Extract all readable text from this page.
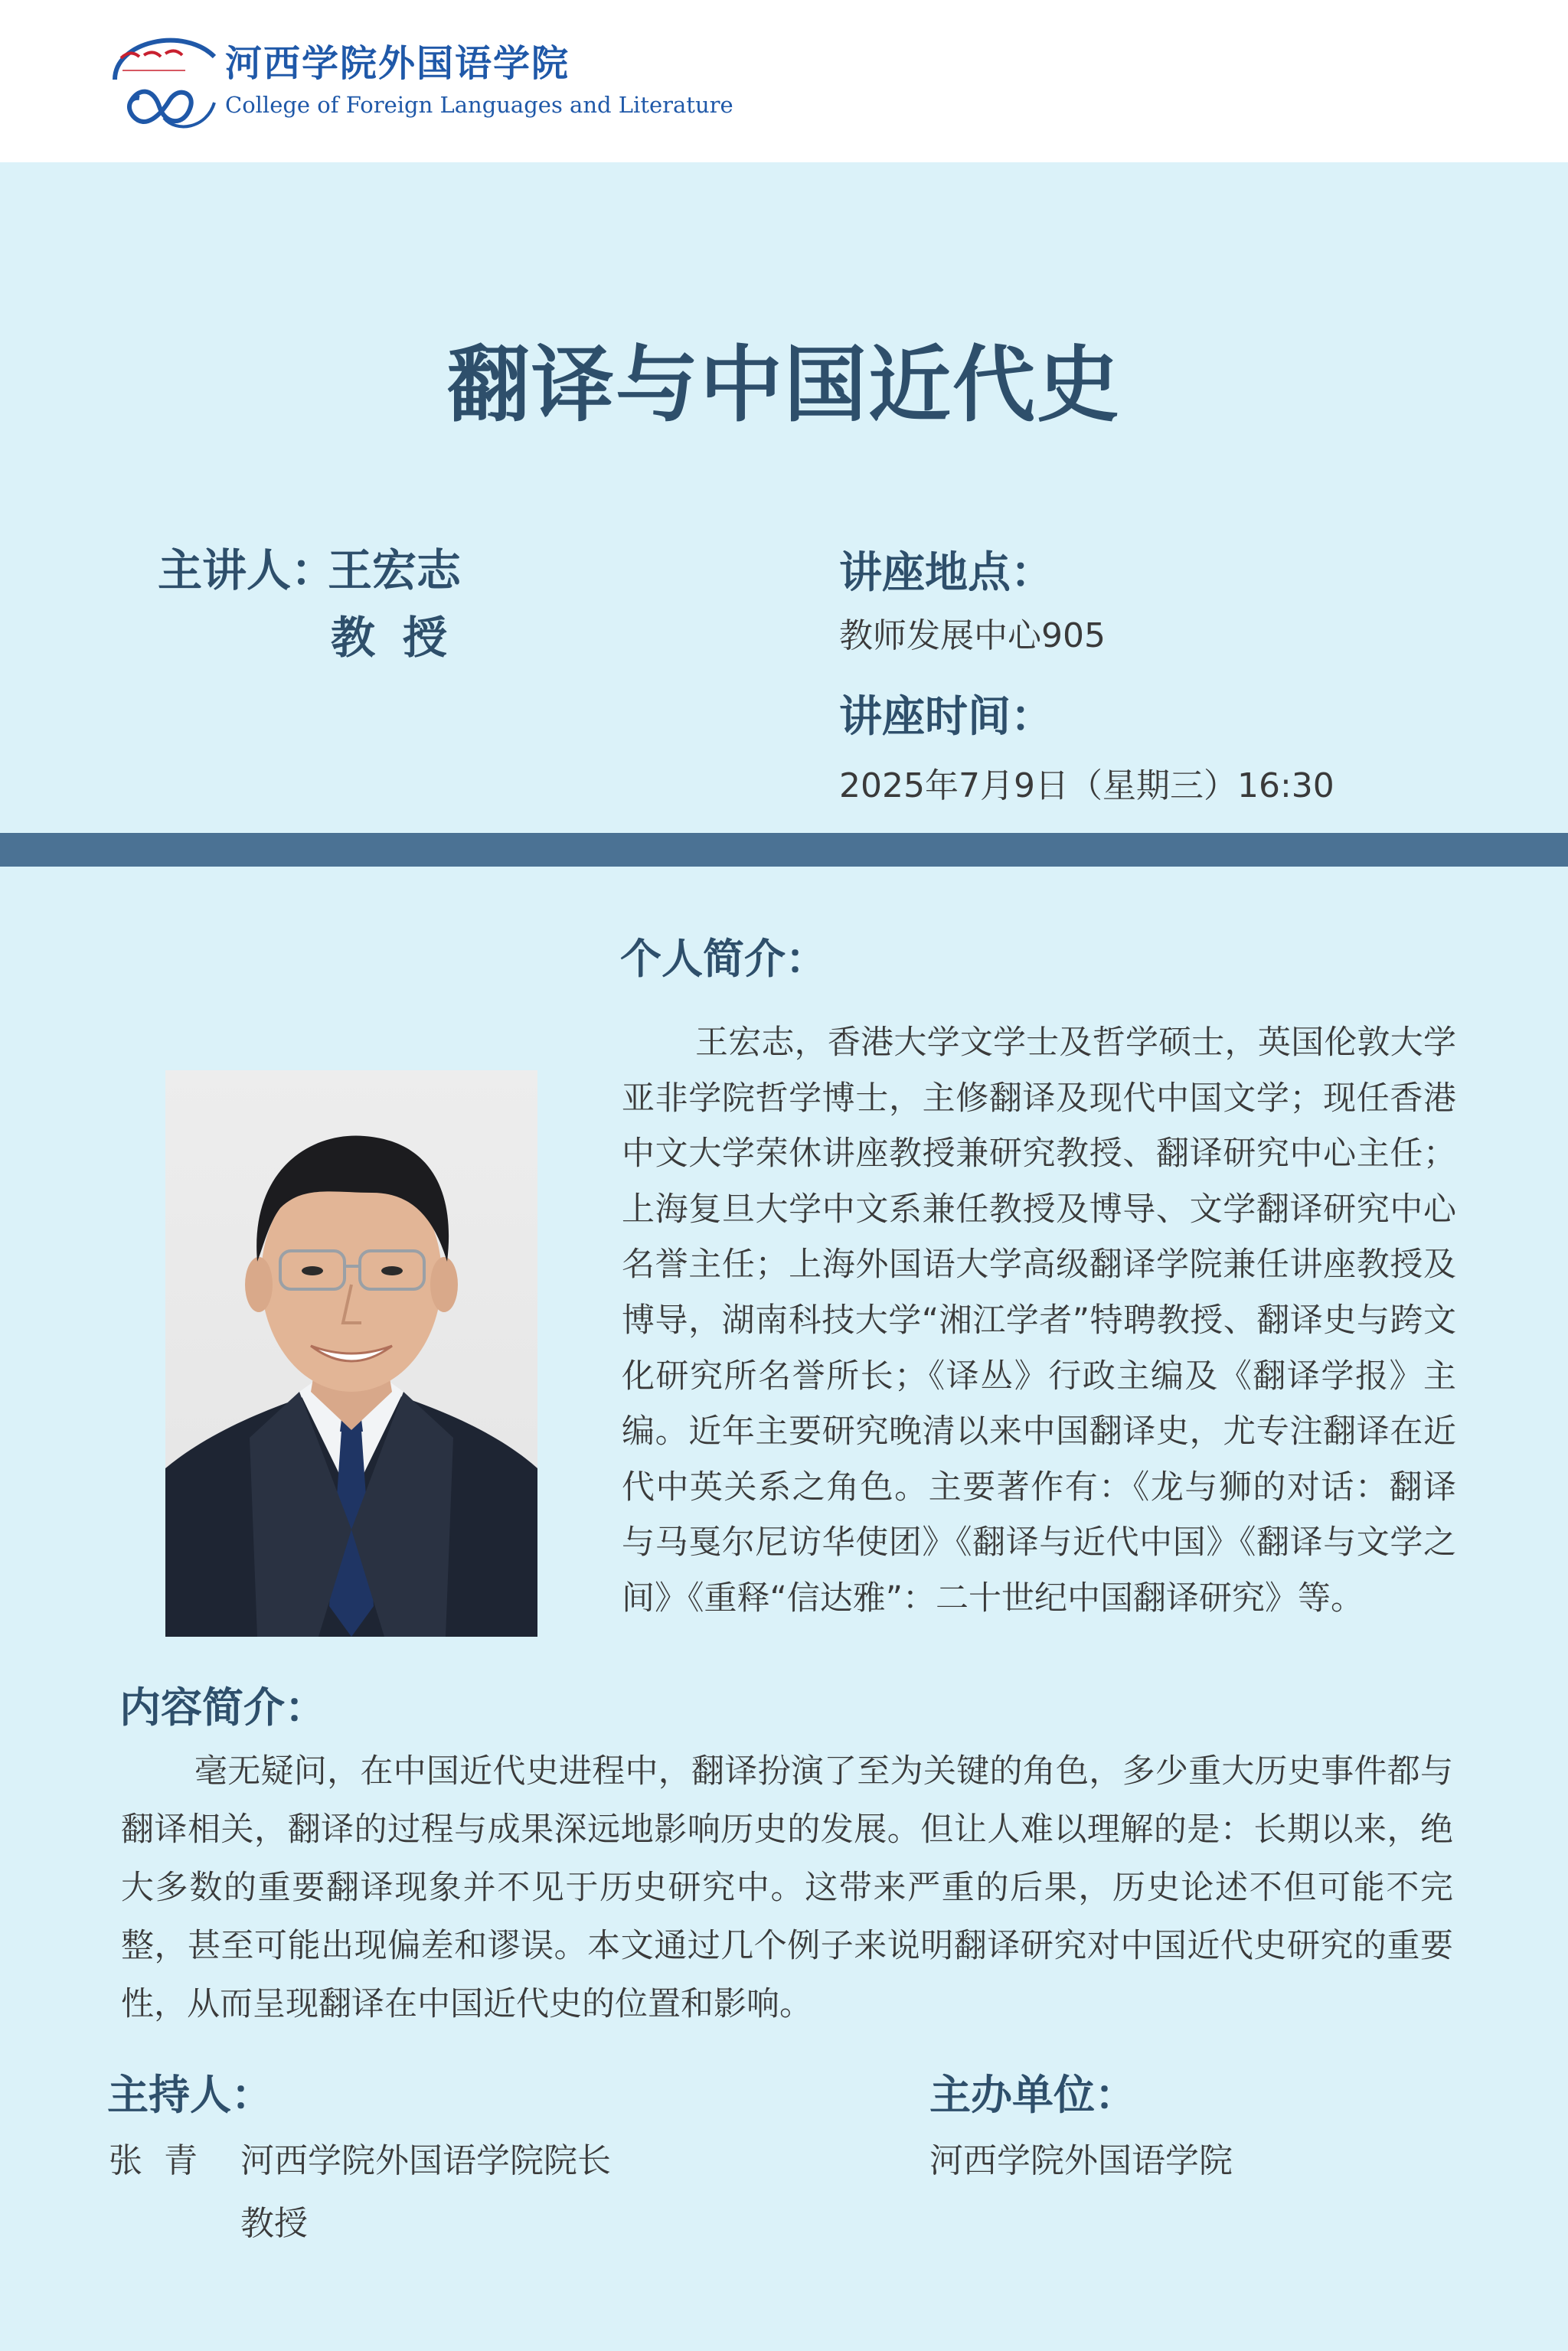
河西学院外国语学院
College of Foreign Languages and Literature
翻译与中国近代史
主讲人：
王宏志
教授
讲座地点：
教师发展中心905
讲座时间：
2025年7月9日（星期三）16:30
个人简介：

王宏志，香港大学文学士及哲学硕士，英国伦敦大学亚非学院哲学博士，主修翻译及现代中国文学；现任香港中文大学荣休讲座教授兼研究教授、翻译研究中心主任；上海复旦大学中文系兼任教授及博导、文学翻译研究中心名誉主任；上海外国语大学高级翻译学院兼任讲座教授及博导，湖南科技大学“湘江学者”特聘教授、翻译史与跨文化研究所名誉所长；《译丛》行政主编及《翻译学报》主编。近年主要研究晚清以来中国翻译史，尤专注翻译在近代中英关系之角色。主要著作有：《龙与狮的对话：翻译与马戛尔尼访华使团》《翻译与近代中国》《翻译与文学之间》《重释“信达雅”：二十世纪中国翻译研究》等。

内容简介：

毫无疑问，在中国近代史进程中，翻译扮演了至为关键的角色，多少重大历史事件都与翻译相关，翻译的过程与成果深远地影响历史的发展。但让人难以理解的是：长期以来，绝大多数的重要翻译现象并不见于历史研究中。这带来严重的后果，历史论述不但可能不完整，甚至可能出现偏差和谬误。本文通过几个例子来说明翻译研究对中国近代史研究的重要性，从而呈现翻译在中国近代史的位置和影响。

主持人：
张青 河西学院外国语学院院长
教授
主办单位：
河西学院外国语学院
